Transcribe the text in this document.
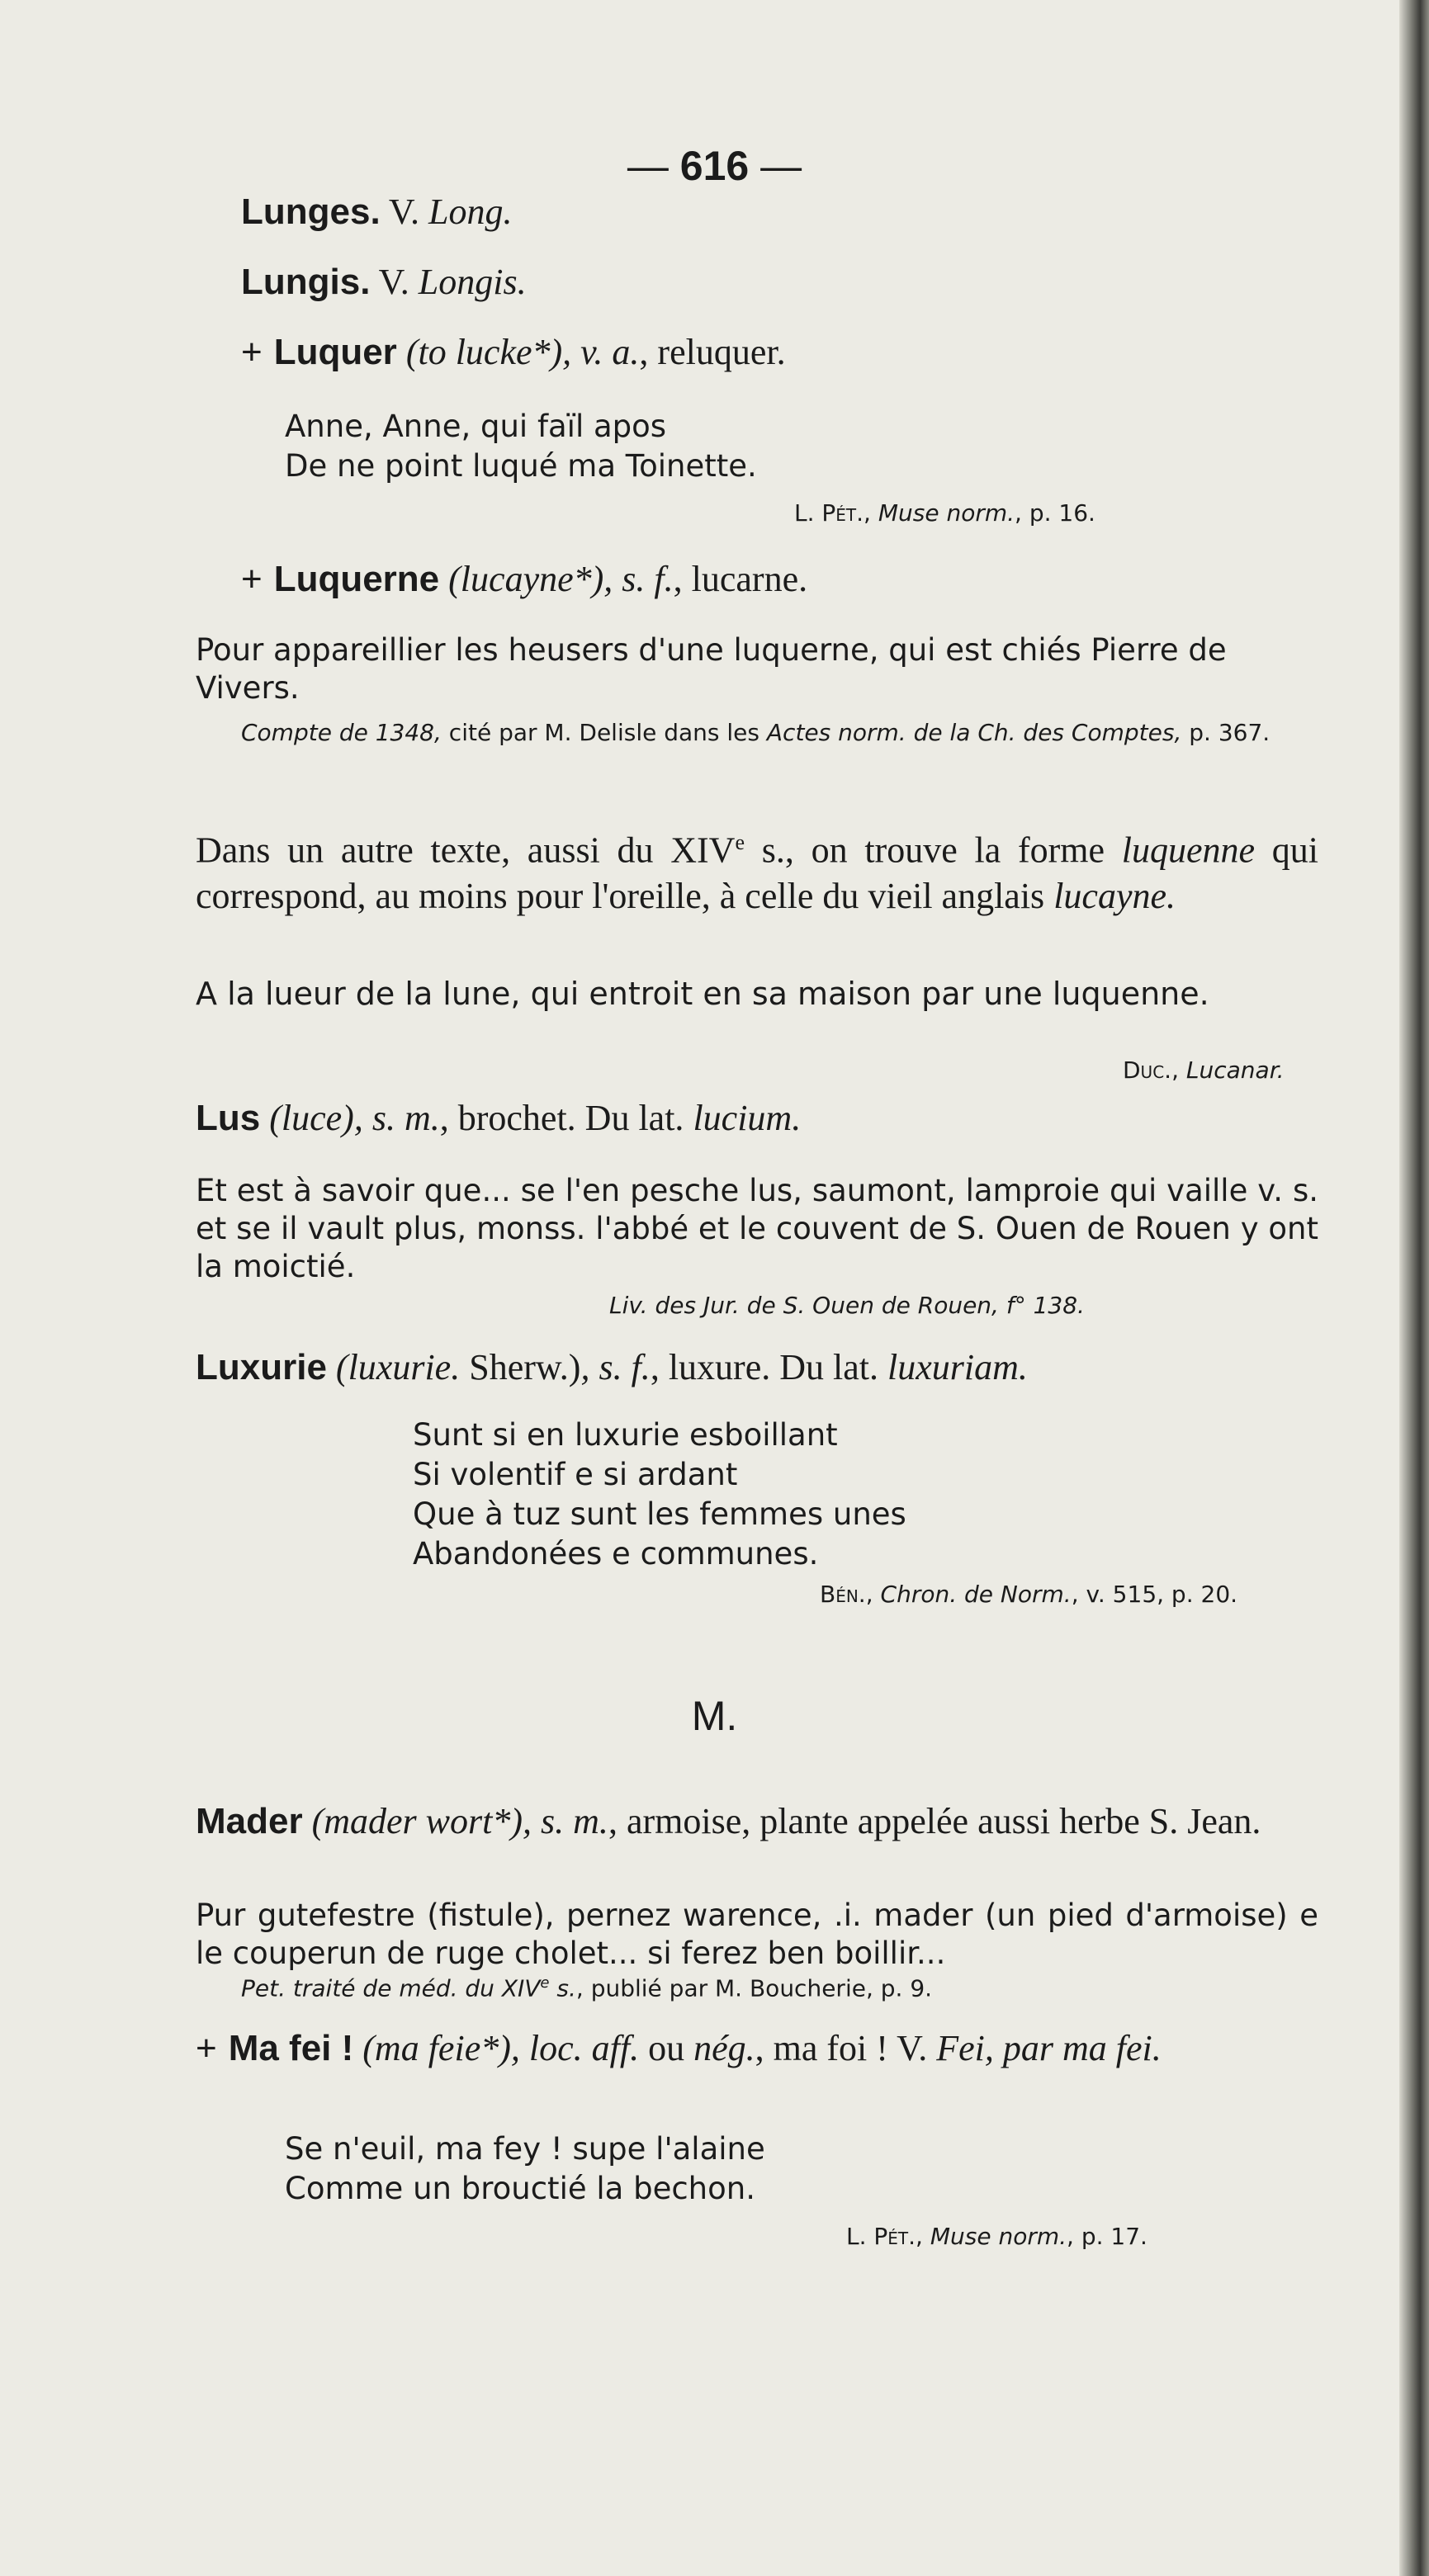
— 616 —
Lunges. V. Long.
Lungis. V. Longis.
+ Luquer (to lucke*), v. a., reluquer.
Anne, Anne, qui faïl apos
De ne point luqué ma Toinette.
L. Pét., Muse norm., p. 16.
+ Luquerne (lucayne*), s. f., lucarne.
Pour appareillier les heusers d'une luquerne, qui est chiés Pierre de Vivers.
Compte de 1348, cité par M. Delisle dans les Actes norm. de la Ch. des Comptes, p. 367.
Dans un autre texte, aussi du XIVe s., on trouve la forme luquenne qui correspond, au moins pour l'oreille, à celle du vieil anglais lucayne.
A la lueur de la lune, qui entroit en sa maison par une luquenne.
Duc., Lucanar.
Lus (luce), s. m., brochet. Du lat. lucium.
Et est à savoir que... se l'en pesche lus, saumont, lamproie qui vaille v. s. et se il vault plus, monss. l'abbé et le couvent de S. Ouen de Rouen y ont la moictié.
Liv. des Jur. de S. Ouen de Rouen, f° 138.
Luxurie (luxurie. Sherw.), s. f., luxure. Du lat. luxuriam.
Sunt si en luxurie esboillant
Si volentif e si ardant
Que à tuz sunt les femmes unes
Abandonées e communes.
Bén., Chron. de Norm., v. 515, p. 20.
M.
Mader (mader wort*), s. m., armoise, plante appelée aussi herbe S. Jean.
Pur gutefestre (fistule), pernez warence, .i. mader (un pied d'armoise) e le couperun de ruge cholet... si ferez ben boillir...
Pet. traité de méd. du XIVe s., publié par M. Boucherie, p. 9.
+ Ma fei ! (ma feie*), loc. aff. ou nég., ma foi ! V. Fei, par ma fei.
Se n'euil, ma fey ! supe l'alaine
Comme un brouctié la bechon.
L. Pét., Muse norm., p. 17.
